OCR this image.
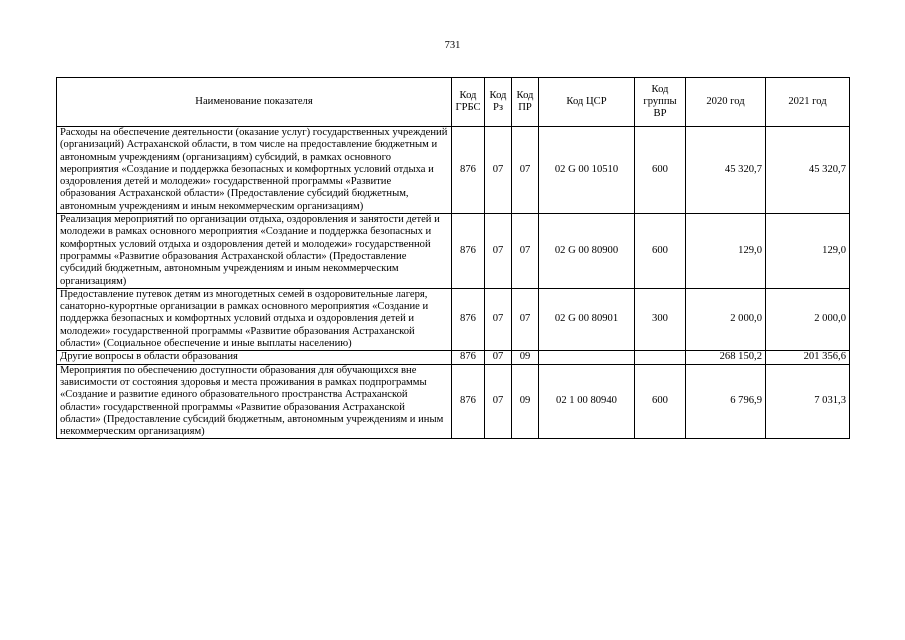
731
Наименование показателя	Код ГРБС	Код Рз	Код ПР	Код ЦСР	Код группы ВР	2020 год	2021 год
Расходы на обеспечение деятельности (оказание услуг) государственных учреждений (организаций) Астраханской области, в том числе на предоставление бюджетным и автономным учреждениям (организациям) субсидий, в рамках основного мероприятия «Создание и поддержка безопасных и комфортных условий отдыха и оздоровления детей и молодежи» государственной программы «Развитие образования Астраханской области» (Предоставление субсидий бюджетным, автономным учреждениям и иным некоммерческим организациям)	876	07	07	02 G 00 10510	600	45 320,7	45 320,7
Реализация мероприятий по организации отдыха, оздоровления и занятости детей и молодежи в рамках основного мероприятия «Создание и поддержка безопасных и комфортных условий отдыха и оздоровления детей и молодежи» государственной программы «Развитие образования Астраханской области» (Предоставление субсидий бюджетным, автономным учреждениям и иным некоммерческим организациям)	876	07	07	02 G 00 80900	600	129,0	129,0
Предоставление путевок детям из многодетных семей в оздоровительные лагеря, санаторно-курортные организации в рамках основного мероприятия «Создание и поддержка безопасных и комфортных условий отдыха и оздоровления детей и молодежи» государственной программы «Развитие образования Астраханской области» (Социальное обеспечение и иные выплаты населению)	876	07	07	02 G 00 80901	300	2 000,0	2 000,0
Другие вопросы в области образования	876	07	09			268 150,2	201 356,6
Мероприятия по обеспечению доступности образования для обучающихся вне зависимости от состояния здоровья и места проживания в рамках подпрограммы «Создание и развитие единого образовательного пространства Астраханской области» государственной программы «Развитие образования Астраханской области» (Предоставление субсидий бюджетным, автономным учреждениям и иным некоммерческим организациям)	876	07	09	02 1 00 80940	600	6 796,9	7 031,3
